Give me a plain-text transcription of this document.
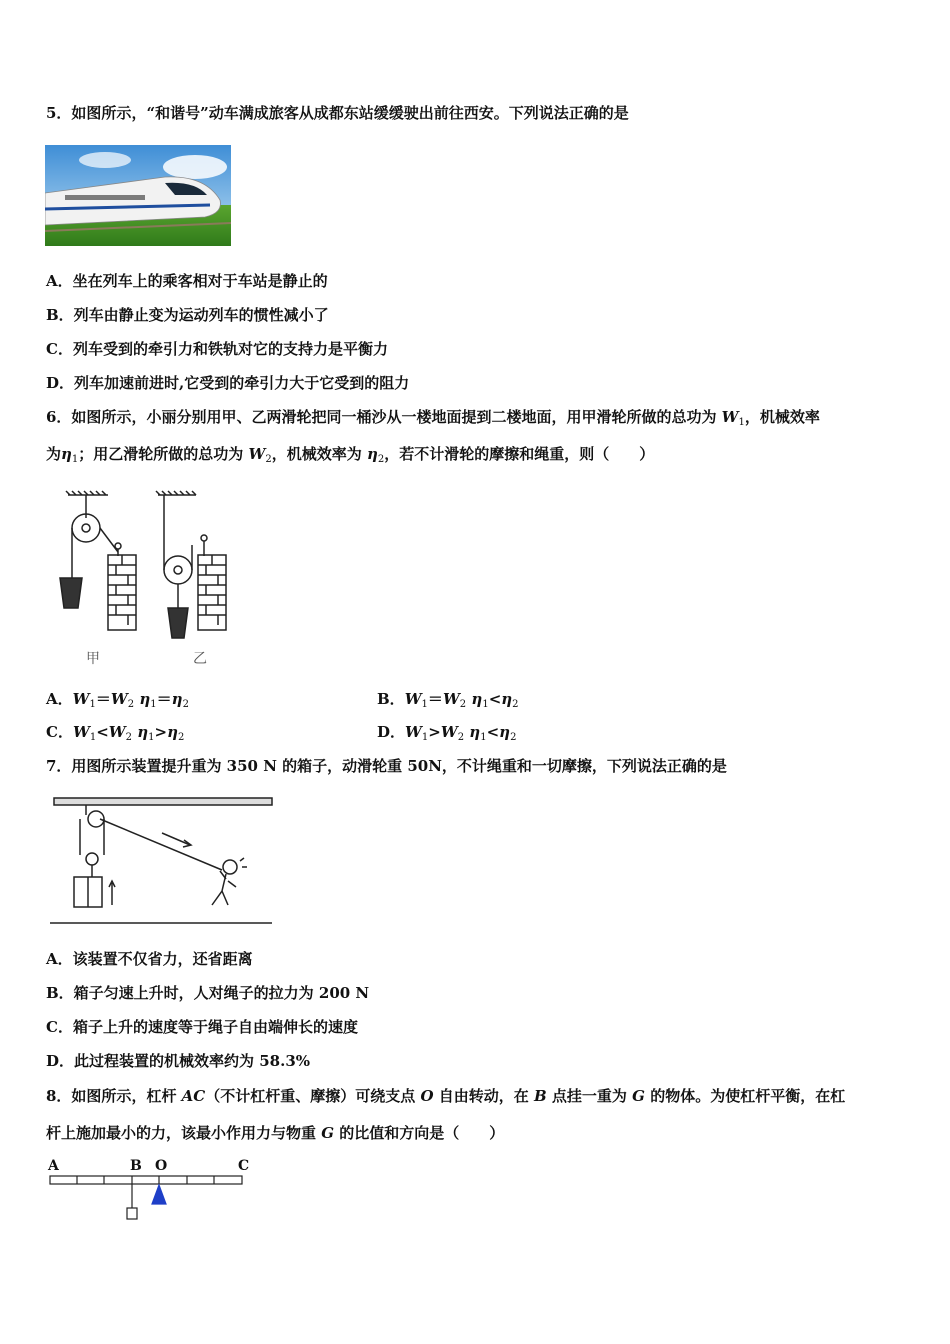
5．如图所示，“和谐号”动车满成旅客从成都东站缓缓驶出前往西安。下列说法正确的是
A．坐在列车上的乘客相对于车站是静止的
B．列车由静止变为运动列车的惯性减小了
C．列车受到的牵引力和铁轨对它的支持力是平衡力
D．列车加速前进时,它受到的牵引力大于它受到的阻力
6．如图所示，小丽分别用甲、乙两滑轮把同一桶沙从一楼地面提到二楼地面，用甲滑轮所做的总功为 $W_1$，机械效率
为$\eta_1$；用乙滑轮所做的总功为 $W_2$，机械效率为 $\eta_2$，若不计滑轮的摩擦和绳重，则（　　）
甲	乙
A．$W_1=W_2$ $\eta_1=\eta_2$	B．$W_1=W_2$ $\eta_1<\eta_2$
C．$W_1<W_2$ $\eta_1>\eta_2$	D．$W_1>W_2$ $\eta_1<\eta_2$
7．用图所示装置提升重为 350 N 的箱子，动滑轮重 50N，不计绳重和一切摩擦，下列说法正确的是
A．该装置不仅省力，还省距离
B．箱子匀速上升时，人对绳子的拉力为 200 N
C．箱子上升的速度等于绳子自由端伸长的速度
D．此过程装置的机械效率约为 58.3%
8．如图所示，杠杆 AC（不计杠杆重、摩擦）可绕支点 O 自由转动，在 B 点挂一重为 G 的物体。为使杠杆平衡，在杠
杆上施加最小的力，该最小作用力与物重 G 的比值和方向是（　　）
A	B O	C
